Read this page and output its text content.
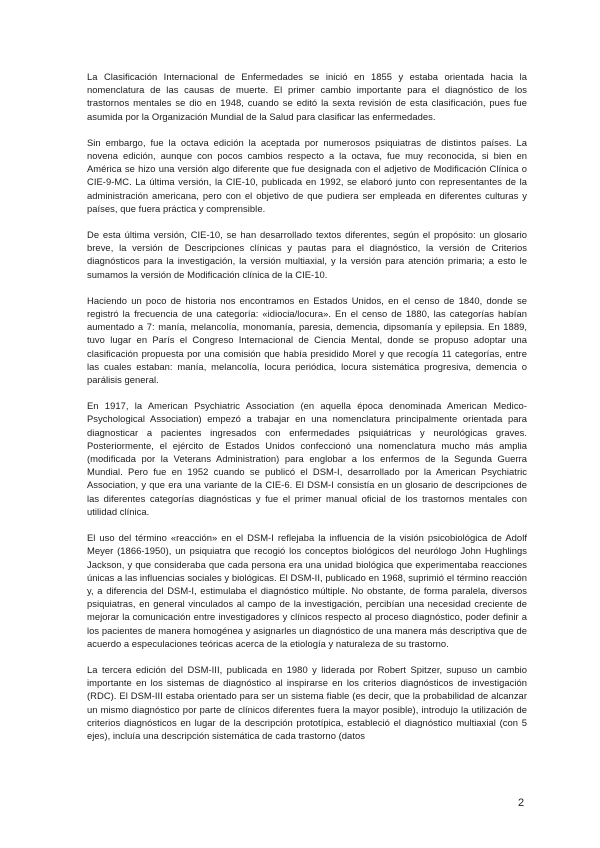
La Clasificación Internacional de Enfermedades se inició en 1855 y estaba orientada hacia la nomenclatura de las causas de muerte. El primer cambio importante para el diagnóstico de los trastornos mentales se dio en 1948, cuando se editó la sexta revisión de esta clasificación, pues fue asumida por la Organización Mundial de la Salud para clasificar las enfermedades.

Sin embargo, fue la octava edición la aceptada por numerosos psiquiatras de distintos países. La novena edición, aunque con pocos cambios respecto a la octava, fue muy reconocida, si bien en América se hizo una versión algo diferente que fue designada con el adjetivo de Modificación Clínica o CIE-9-MC. La última versión, la CIE-10, publicada en 1992, se elaboró junto con representantes de la administración americana, pero con el objetivo de que pudiera ser empleada en diferentes culturas y países, que fuera práctica y comprensible.

De esta última versión, CIE-10, se han desarrollado textos diferentes, según el propósito: un glosario breve, la versión de Descripciones clínicas y pautas para el diagnóstico, la versión de Criterios diagnósticos para la investigación, la versión multiaxial, y la versión para atención primaria; a esto le sumamos la versión de Modificación clínica de la CIE-10.

Haciendo un poco de historia nos encontramos en Estados Unidos, en el censo de 1840, donde se registró la frecuencia de una categoría: «idiocia/locura». En el censo de 1880, las categorías habían aumentado a 7: manía, melancolía, monomanía, paresia, demencia, dipsomanía y epilepsia. En 1889, tuvo lugar en París el Congreso Internacional de Ciencia Mental, donde se propuso adoptar una clasificación propuesta por una comisión que había presidido Morel y que recogía 11 categorías, entre las cuales estaban: manía, melancolía, locura periódica, locura sistemática progresiva, demencia o parálisis general.

En 1917, la American Psychiatric Association (en aquella época denominada American Medico-Psychological Association) empezó a trabajar en una nomenclatura principalmente orientada para diagnosticar a pacientes ingresados con enfermedades psiquiátricas y neurológicas graves. Posteriormente, el ejército de Estados Unidos confeccionó una nomenclatura mucho más amplia (modificada por la Veterans Administration) para englobar a los enfermos de la Segunda Guerra Mundial. Pero fue en 1952 cuando se publicó el DSM-I, desarrollado por la American Psychiatric Association, y que era una variante de la CIE-6. El DSM-I consistía en un glosario de descripciones de las diferentes categorías diagnósticas y fue el primer manual oficial de los trastornos mentales con utilidad clínica.

El uso del término «reacción» en el DSM-I reflejaba la influencia de la visión psicobiológica de Adolf Meyer (1866-1950), un psiquiatra que recogió los conceptos biológicos del neurólogo John Hughlings Jackson, y que consideraba que cada persona era una unidad biológica que experimentaba reacciones únicas a las influencias sociales y biológicas. El DSM-II, publicado en 1968, suprimió el término reacción y, a diferencia del DSM-I, estimulaba el diagnóstico múltiple. No obstante, de forma paralela, diversos psiquiatras, en general vinculados al campo de la investigación, percibían una necesidad creciente de mejorar la comunicación entre investigadores y clínicos respecto al proceso diagnóstico, poder definir a los pacientes de manera homogénea y asignarles un diagnóstico de una manera más descriptiva que de acuerdo a especulaciones teóricas acerca de la etiología y naturaleza de su trastorno.

La tercera edición del DSM-III, publicada en 1980 y liderada por Robert Spitzer, supuso un cambio importante en los sistemas de diagnóstico al inspirarse en los criterios diagnósticos de investigación (RDC). El DSM-III estaba orientado para ser un sistema fiable (es decir, que la probabilidad de alcanzar un mismo diagnóstico por parte de clínicos diferentes fuera la mayor posible), introdujo la utilización de criterios diagnósticos en lugar de la descripción prototípica, estableció el diagnóstico multiaxial (con 5 ejes), incluía una descripción sistemática de cada trastorno (datos

2
